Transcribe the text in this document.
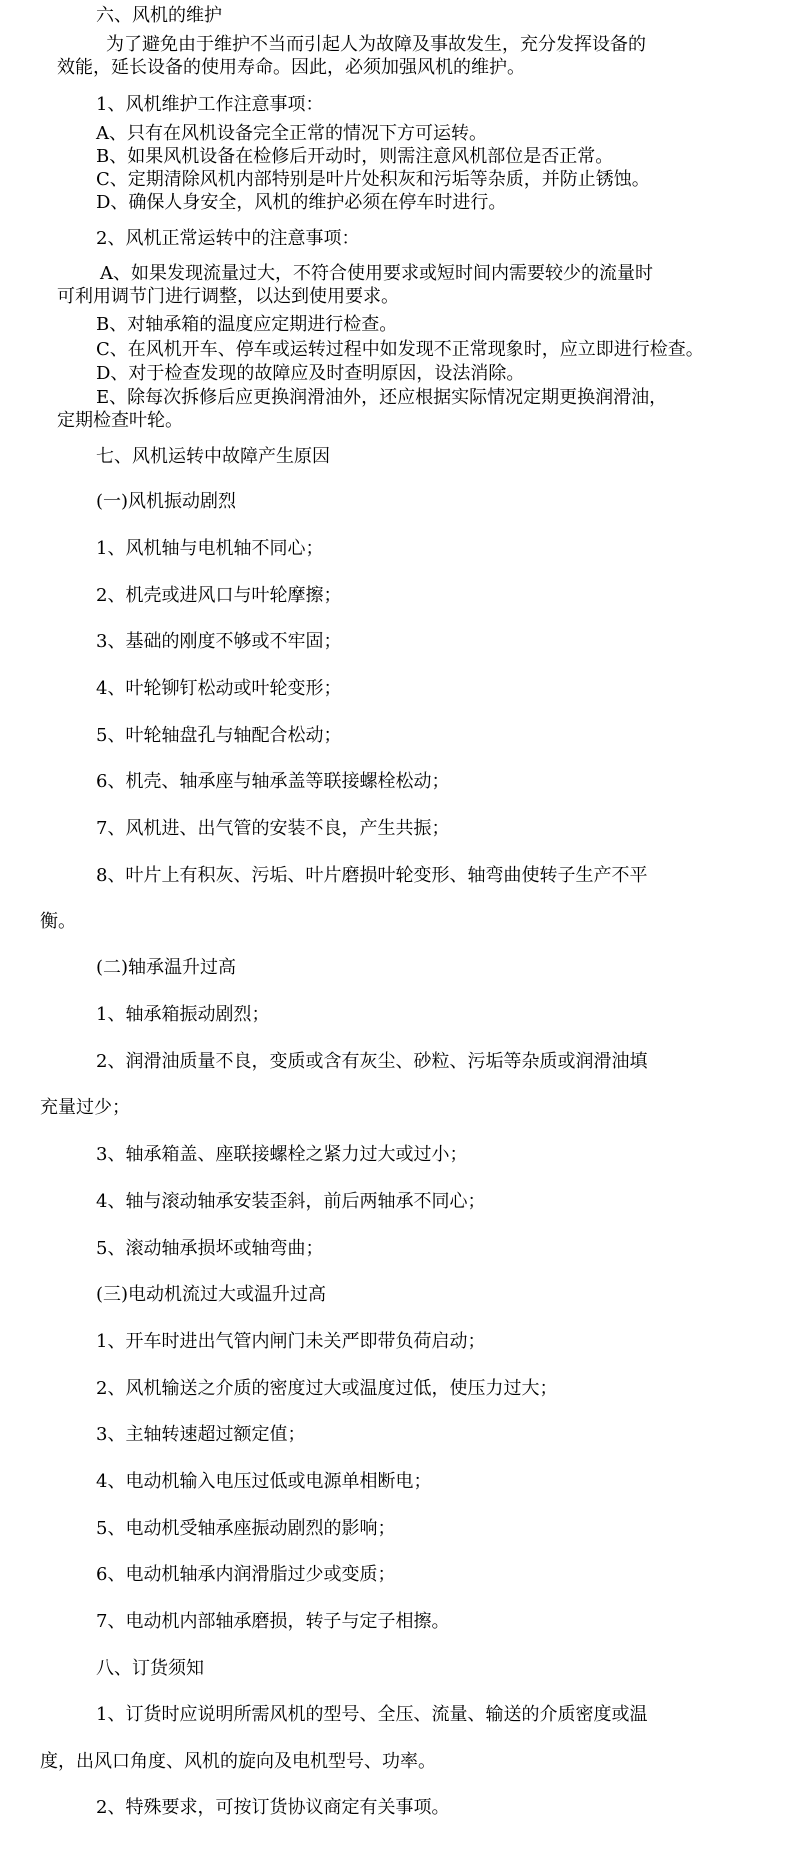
六、风机的维护
为了避免由于维护不当而引起人为故障及事故发生，充分发挥设备的
效能，延长设备的使用寿命。因此，必须加强风机的维护。
1、风机维护工作注意事项：
A、只有在风机设备完全正常的情况下方可运转。
B、如果风机设备在检修后开动时，则需注意风机部位是否正常。
C、定期清除风机内部特别是叶片处积灰和污垢等杂质，并防止锈蚀。
D、确保人身安全，风机的维护必须在停车时进行。
2、风机正常运转中的注意事项：
A、如果发现流量过大，不符合使用要求或短时间内需要较少的流量时
可利用调节门进行调整，以达到使用要求。
B、对轴承箱的温度应定期进行检查。
C、在风机开车、停车或运转过程中如发现不正常现象时，应立即进行检查。
D、对于检查发现的故障应及时查明原因，设法消除。
E、除每次拆修后应更换润滑油外，还应根据实际情况定期更换润滑油，
定期检查叶轮。
七、风机运转中故障产生原因
(一)风机振动剧烈
1、风机轴与电机轴不同心；
2、机壳或进风口与叶轮摩擦；
3、基础的刚度不够或不牢固；
4、叶轮铆钉松动或叶轮变形；
5、叶轮轴盘孔与轴配合松动；
6、机壳、轴承座与轴承盖等联接螺栓松动；
7、风机进、出气管的安装不良，产生共振；
8、叶片上有积灰、污垢、叶片磨损叶轮变形、轴弯曲使转子生产不平
衡。
(二)轴承温升过高
1、轴承箱振动剧烈；
2、润滑油质量不良，变质或含有灰尘、砂粒、污垢等杂质或润滑油填
充量过少；
3、轴承箱盖、座联接螺栓之紧力过大或过小；
4、轴与滚动轴承安装歪斜，前后两轴承不同心；
5、滚动轴承损坏或轴弯曲；
(三)电动机流过大或温升过高
1、开车时进出气管内闸门未关严即带负荷启动；
2、风机输送之介质的密度过大或温度过低，使压力过大；
3、主轴转速超过额定值；
4、电动机输入电压过低或电源单相断电；
5、电动机受轴承座振动剧烈的影响；
6、电动机轴承内润滑脂过少或变质；
7、电动机内部轴承磨损，转子与定子相擦。
八、订货须知
1、订货时应说明所需风机的型号、全压、流量、输送的介质密度或温
度，出风口角度、风机的旋向及电机型号、功率。
2、特殊要求，可按订货协议商定有关事项。
